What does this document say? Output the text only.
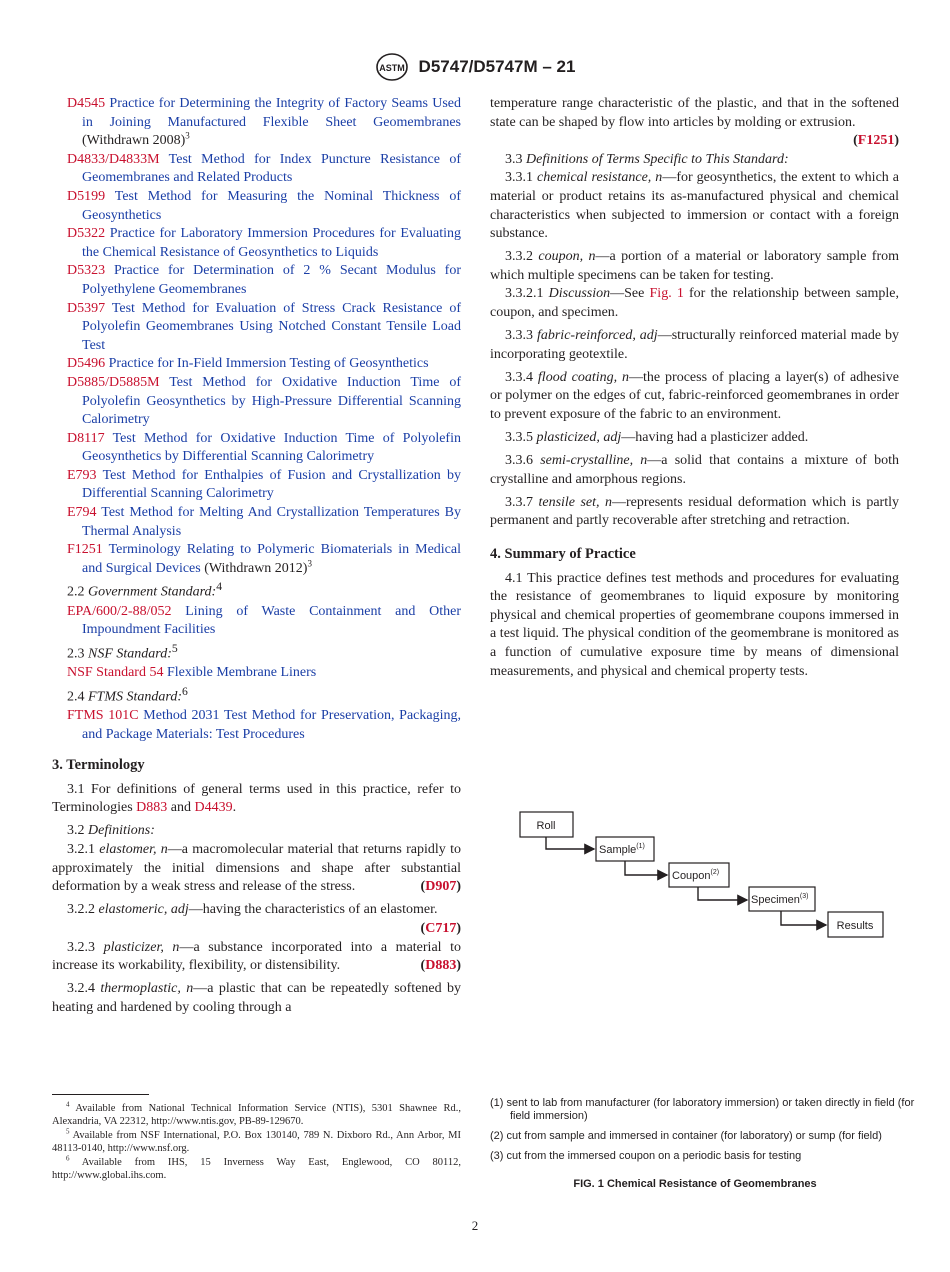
ASTM D5747/D5747M – 21

D4545 Practice for Determining the Integrity of Factory Seams Used in Joining Manufactured Flexible Sheet Geomembranes (Withdrawn 2008)$^3$

D4833/D4833M Test Method for Index Puncture Resistance of Geomembranes and Related Products

D5199 Test Method for Measuring the Nominal Thickness of Geosynthetics

D5322 Practice for Laboratory Immersion Procedures for Evaluating the Chemical Resistance of Geosynthetics to Liquids

D5323 Practice for Determination of 2 % Secant Modulus for Polyethylene Geomembranes

D5397 Test Method for Evaluation of Stress Crack Resistance of Polyolefin Geomembranes Using Notched Constant Tensile Load Test

D5496 Practice for In-Field Immersion Testing of Geosynthetics

D5885/D5885M Test Method for Oxidative Induction Time of Polyolefin Geosynthetics by High-Pressure Differential Scanning Calorimetry

D8117 Test Method for Oxidative Induction Time of Polyolefin Geosynthetics by Differential Scanning Calorimetry

E793 Test Method for Enthalpies of Fusion and Crystallization by Differential Scanning Calorimetry

E794 Test Method for Melting And Crystallization Temperatures By Thermal Analysis

F1251 Terminology Relating to Polymeric Biomaterials in Medical and Surgical Devices (Withdrawn 2012)$^3$

2.2 Government Standard:$^4$

EPA/600/2-88/052 Lining of Waste Containment and Other Impoundment Facilities

2.3 NSF Standard:$^5$

NSF Standard 54 Flexible Membrane Liners

2.4 FTMS Standard:$^6$

FTMS 101C Method 2031 Test Method for Preservation, Packaging, and Package Materials: Test Procedures

3. Terminology

3.1 For definitions of general terms used in this practice, refer to Terminologies D883 and D4439.

3.2 Definitions:

3.2.1 elastomer, n—a macromolecular material that returns rapidly to approximately the initial dimensions and shape after substantial deformation by a weak stress and release of the stress.	(D907)

3.2.2 elastomeric, adj—having the characteristics of an elastomer.
(C717)

3.2.3 plasticizer, n—a substance incorporated into a material to increase its workability, flexibility, or distensibility.	(D883)

3.2.4 thermoplastic, n—a plastic that can be repeatedly softened by heating and hardened by cooling through a

temperature range characteristic of the plastic, and that in the softened state can be shaped by flow into articles by molding or extrusion.
(F1251)

3.3 Definitions of Terms Specific to This Standard:

3.3.1 chemical resistance, n—for geosynthetics, the extent to which a material or product retains its as-manufactured physical and chemical characteristics when subjected to immersion or contact with a foreign substance.

3.3.2 coupon, n—a portion of a material or laboratory sample from which multiple specimens can be taken for testing.

3.3.2.1 Discussion—See Fig. 1 for the relationship between sample, coupon, and specimen.

3.3.3 fabric-reinforced, adj—structurally reinforced material made by incorporating geotextile.

3.3.4 flood coating, n—the process of placing a layer(s) of adhesive or polymer on the edges of cut, fabric-reinforced geomembranes in order to prevent exposure of the fabric to an environment.

3.3.5 plasticized, adj—having had a plasticizer added.

3.3.6 semi-crystalline, n—a solid that contains a mixture of both crystalline and amorphous regions.

3.3.7 tensile set, n—represents residual deformation which is partly permanent and partly recoverable after stretching and retraction.

4. Summary of Practice

4.1 This practice defines test methods and procedures for evaluating the resistance of geomembranes to liquid exposure by monitoring physical and chemical properties of geomembrane coupons immersed in a test liquid. The physical condition of the geomembrane is monitored as a function of cumulative exposure time by means of dimensional measurements, and physical and chemical property tests.

Roll
Sample$^{(1)}$
Coupon$^{(2)}$
Specimen$^{(3)}$
Results

(1) sent to lab from manufacturer (for laboratory immersion) or taken directly in field (for field immersion)

(2) cut from sample and immersed in container (for laboratory) or sump (for field)

(3) cut from the immersed coupon on a periodic basis for testing

FIG. 1 Chemical Resistance of Geomembranes

$^4$ Available from National Technical Information Service (NTIS), 5301 Shawnee Rd., Alexandria, VA 22312, http://www.ntis.gov, PB-89-129670.

$^5$ Available from NSF International, P.O. Box 130140, 789 N. Dixboro Rd., Ann Arbor, MI 48113-0140, http://www.nsf.org.

$^6$ Available from IHS, 15 Inverness Way East, Englewood, CO 80112, http://www.global.ihs.com.

2
